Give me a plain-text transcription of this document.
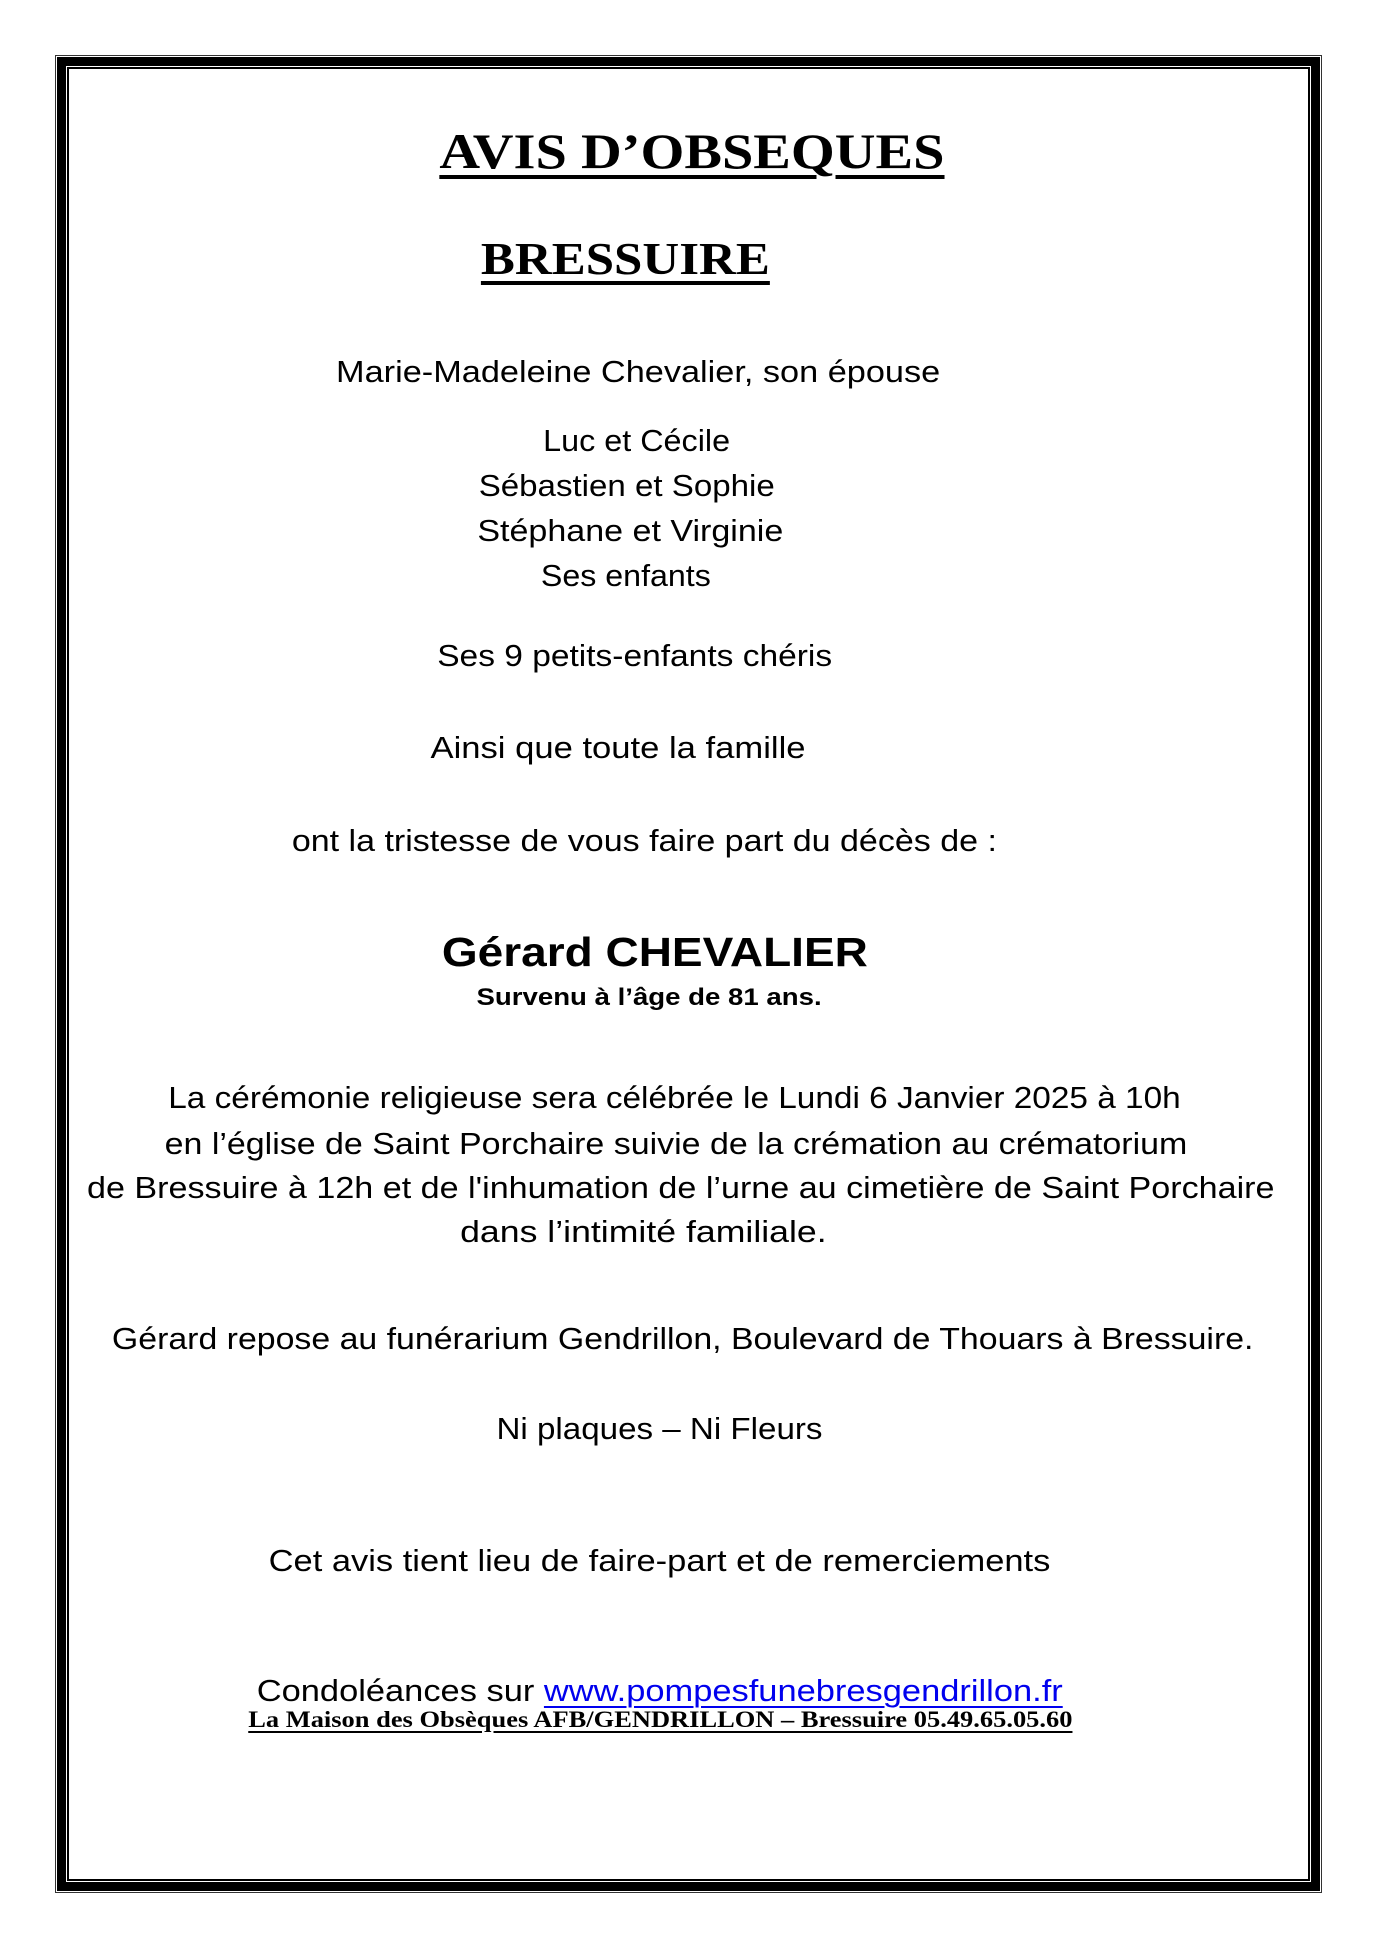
AVIS D’OBSEQUES
BRESSUIRE
Marie-Madeleine Chevalier, son épouse
Luc et Cécile
Sébastien et Sophie
Stéphane et Virginie
Ses enfants
Ses 9 petits-enfants chéris
Ainsi que toute la famille
ont la tristesse de vous faire part du décès de :
Gérard CHEVALIER
Survenu à l’âge de 81 ans.
La cérémonie religieuse sera célébrée le Lundi 6 Janvier 2025 à 10h
en l’église de Saint Porchaire suivie de la crémation au crématorium
de Bressuire à 12h et de l'inhumation de l’urne au cimetière de Saint Porchaire
dans l’intimité familiale.
Gérard repose au funérarium Gendrillon, Boulevard de Thouars à Bressuire.
Ni plaques – Ni Fleurs
Cet avis tient lieu de faire-part et de remerciements
Condoléances sur www.pompesfunebresgendrillon.fr
La Maison des Obsèques AFB/GENDRILLON – Bressuire 05.49.65.05.60
